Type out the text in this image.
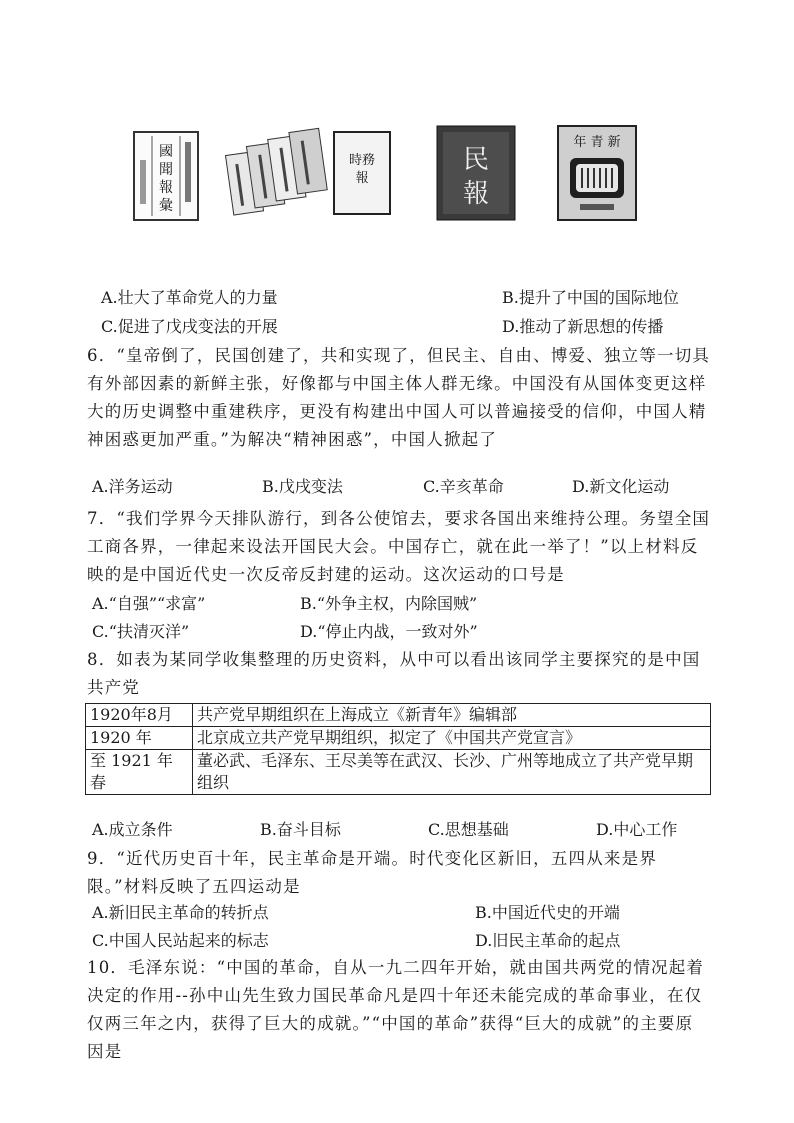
國
聞
報
彙
時務
報
民
報
年 青 新
A.壮大了革命党人的力量	B.提升了中国的国际地位
C.促进了戊戌变法的开展	D.推动了新思想的传播
6．“皇帝倒了，民国创建了，共和实现了，但民主、自由、博爱、独立等一切具有外部因素的新鲜主张，好像都与中国主体人群无缘。中国没有从国体变更这样大的历史调整中重建秩序，更没有构建出中国人可以普遍接受的信仰，中国人精神困惑更加严重。”为解决“精神困惑”，中国人掀起了
A.洋务运动	B.戊戌变法	C.辛亥革命	D.新文化运动
7．“我们学界今天排队游行，到各公使馆去，要求各国出来维持公理。务望全国工商各界，一律起来设法开国民大会。中国存亡，就在此一举了！”以上材料反映的是中国近代史一次反帝反封建的运动。这次运动的口号是
A.“自强”“求富”	B.“外争主权，内除国贼”
C.“扶清灭洋”	D.“停止内战，一致对外”
8．如表为某同学收集整理的历史资料，从中可以看出该同学主要探究的是中国共产党
1920年8月	共产党早期组织在上海成立《新青年》编辑部
1920 年	北京成立共产党早期组织，拟定了《中国共产党宣言》
至 1921 年春	董必武、毛泽东、王尽美等在武汉、长沙、广州等地成立了共产党早期组织
A.成立条件	B.奋斗目标	C.思想基础	D.中心工作
9．“近代历史百十年，民主革命是开端。时代变化区新旧，五四从来是界限。”材料反映了五四运动是
A.新旧民主革命的转折点	B.中国近代史的开端
C.中国人民站起来的标志	D.旧民主革命的起点
10．毛泽东说：“中国的革命，自从一九二四年开始，就由国共两党的情况起着决定的作用--孙中山先生致力国民革命凡是四十年还未能完成的革命事业，在仅仅两三年之内，获得了巨大的成就。”“中国的革命”获得“巨大的成就”的主要原因是
